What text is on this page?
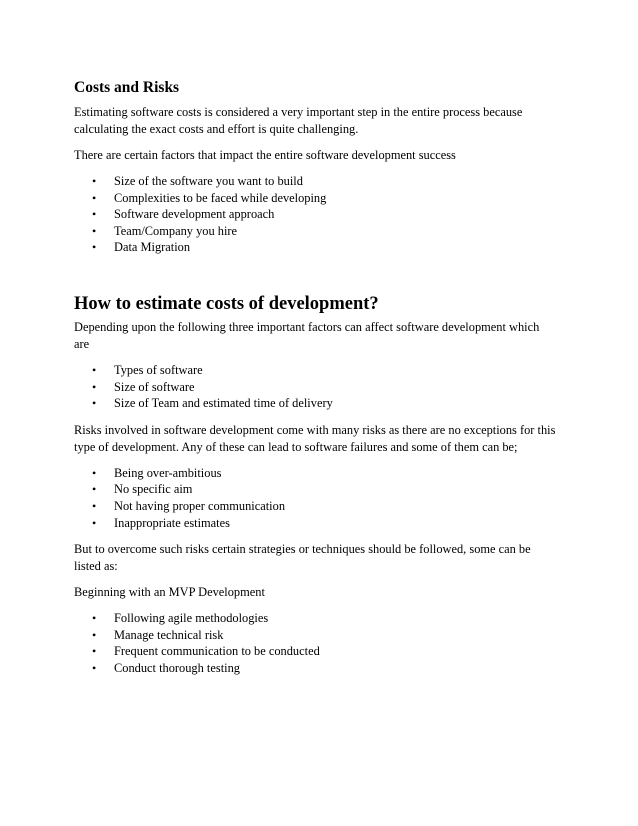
Costs and Risks
Estimating software costs is considered a very important step in the entire process because
calculating the exact costs and effort is quite challenging.
There are certain factors that impact the entire software development success
• Size of the software you want to build
• Complexities to be faced while developing
• Software development approach
• Team/Company you hire
• Data Migration
How to estimate costs of development?
Depending upon the following three important factors can affect software development which
are
• Types of software
• Size of software
• Size of Team and estimated time of delivery
Risks involved in software development come with many risks as there are no exceptions for this
type of development. Any of these can lead to software failures and some of them can be;
• Being over-ambitious
• No specific aim
• Not having proper communication
• Inappropriate estimates
But to overcome such risks certain strategies or techniques should be followed, some can be
listed as:
Beginning with an MVP Development
• Following agile methodologies
• Manage technical risk
• Frequent communication to be conducted
• Conduct thorough testing
